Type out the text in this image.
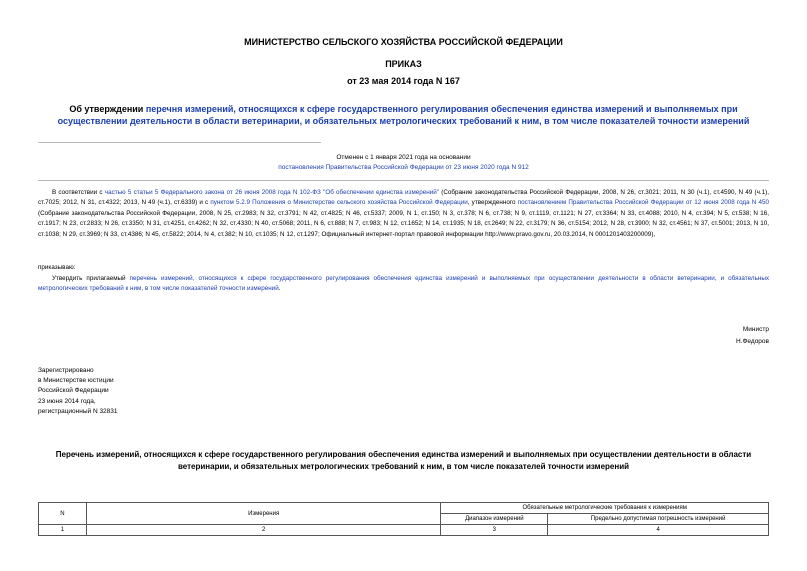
МИНИСТЕРСТВО СЕЛЬСКОГО ХОЗЯЙСТВА РОССИЙСКОЙ ФЕДЕРАЦИИ
ПРИКАЗ
от 23 мая 2014 года N 167
Об утверждении перечня измерений, относящихся к сфере государственного регулирования обеспечения единства измерений и выполняемых при осуществлении деятельности в области ветеринарии, и обязательных метрологических требований к ним, в том числе показателей точности измерений
Отменен с 1 января 2021 года на основании
постановления Правительства Российской Федерации от 23 июня 2020 года N 912
В соответствии с частью 5 статьи 5 Федерального закона от 26 июня 2008 года N 102-ФЗ "Об обеспечении единства измерений" (Собрание законодательства Российской Федерации, 2008, N 26, ст.3021; 2011, N 30 (ч.1), ст.4590, N 49 (ч.1), ст.7025; 2012, N 31, ст.4322; 2013, N 49 (ч.1), ст.6339) и с пунктом 5.2.9 Положения о Министерстве сельского хозяйства Российской Федерации, утвержденного постановлением Правительства Российской Федерации от 12 июня 2008 года N 450 (Собрание законодательства Российской Федерации, 2008, N 25, ст.2983; N 32, ст.3791; N 42, ст.4825; N 46, ст.5337; 2009, N 1, ст.150; N 3, ст.378; N 6, ст.738; N 9, ст.1119, ст.1121; N 27, ст.3364; N 33, ст.4088; 2010, N 4, ст.394; N 5, ст.538; N 16, ст.1917; N 23, ст.2833; N 26, ст.3350; N 31, ст.4251, ст.4262; N 32, ст.4330; N 40, ст.5068; 2011, N 6, ст.888; N 7, ст.983; N 12, ст.1652; N 14, ст.1935; N 18, ст.2649; N 22, ст.3179; N 36, ст.5154; 2012, N 28, ст.3900; N 32, ст.4561; N 37, ст.5001; 2013, N 10, ст.1038; N 29, ст.3969; N 33, ст.4386; N 45, ст.5822; 2014, N 4, ст.382; N 10, ст.1035; N 12, ст.1297; Официальный интернет-портал правовой информации http://www.pravo.gov.ru, 20.03.2014, N 0001201403200009),
приказываю:
Утвердить прилагаемый перечень измерений, относящихся к сфере государственного регулирования обеспечения единства измерений и выполняемых при осуществлении деятельности в области ветеринарии, и обязательных метрологических требований к ним, в том числе показателей точности измерений.
Министр
Н.Федоров
Зарегистрировано
в Министерстве юстиции
Российской Федерации
23 июня 2014 года,
регистрационный N 32831
Перечень измерений, относящихся к сфере государственного регулирования обеспечения единства измерений и выполняемых при осуществлении деятельности в области ветеринарии, и обязательных метрологических требований к ним, в том числе показателей точности измерений
N	Измерения	Обязательные метрологические требования к измерениям	
		Диапазон измерений	Предельно допустимая погрешность измерений
1	2	3	4
